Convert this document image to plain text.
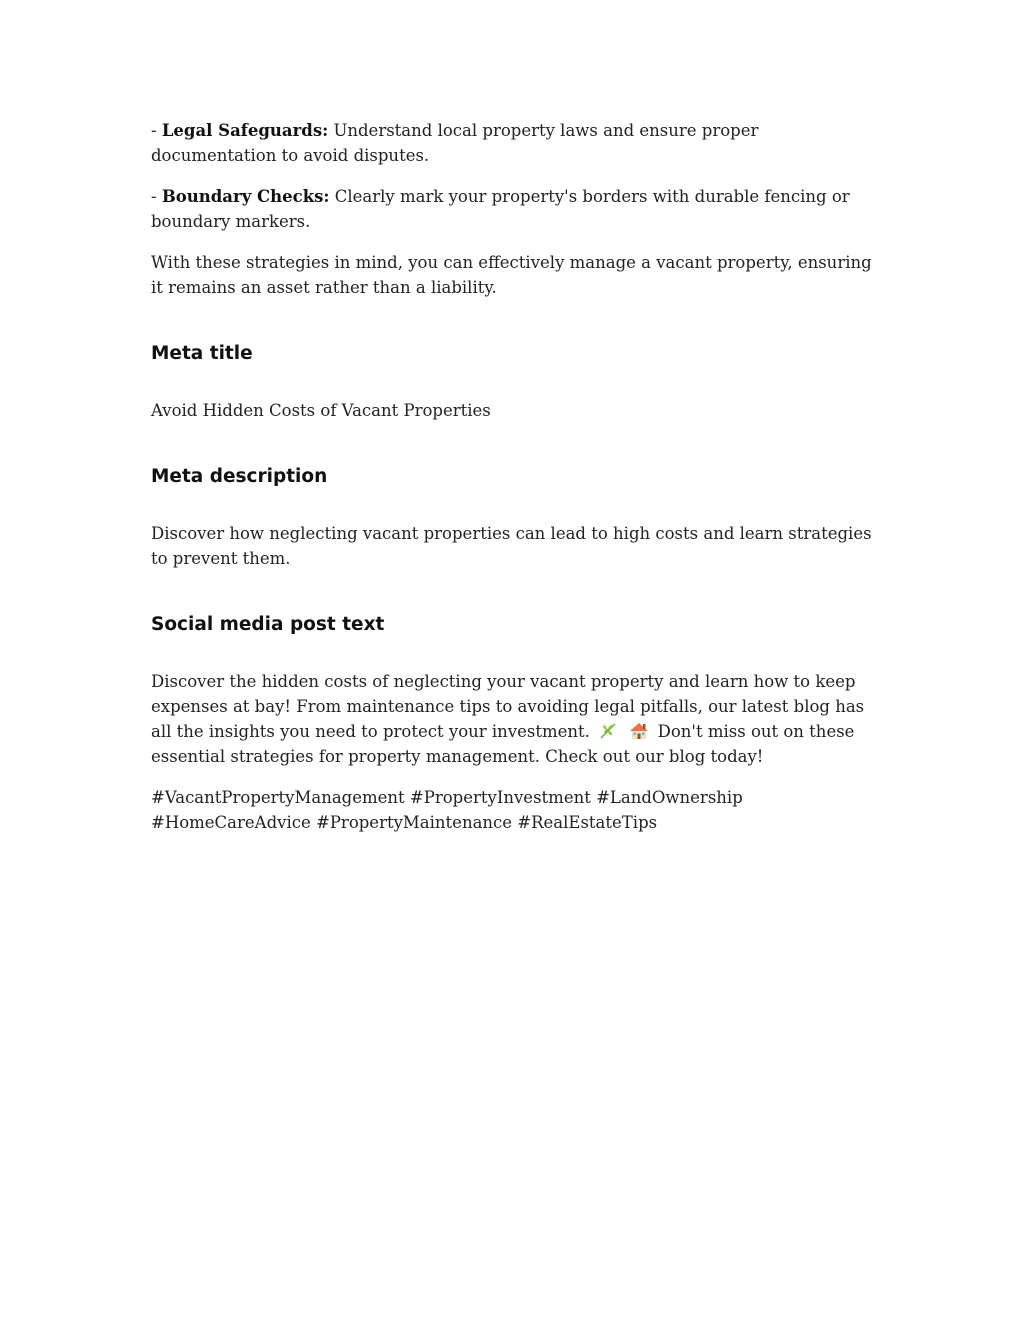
- Legal Safeguards: Understand local property laws and ensure proper documentation to avoid disputes.

- Boundary Checks: Clearly mark your property's borders with durable fencing or boundary markers.

With these strategies in mind, you can effectively manage a vacant property, ensuring it remains an asset rather than a liability.

Meta title

Avoid Hidden Costs of Vacant Properties

Meta description

Discover how neglecting vacant properties can lead to high costs and learn strategies to prevent them.

Social media post text

Discover the hidden costs of neglecting your vacant property and learn how to keep expenses at bay! From maintenance tips to avoiding legal pitfalls, our latest blog has all the insights you need to protect your investment.	Don't miss out on these essential strategies for property management. Check out our blog today!

#VacantPropertyManagement #PropertyInvestment #LandOwnership #HomeCareAdvice #PropertyMaintenance #RealEstateTips
